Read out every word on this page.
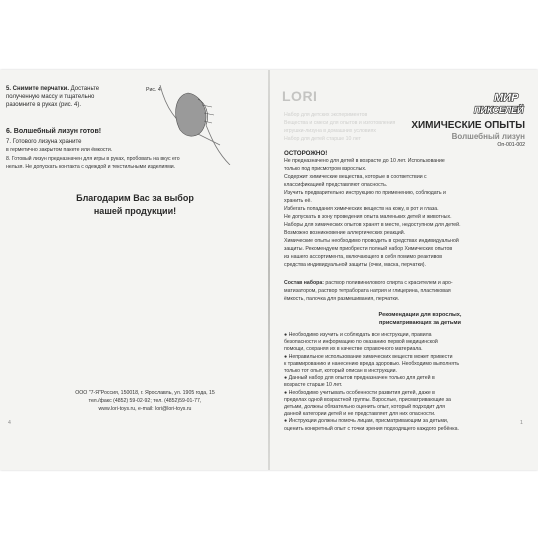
5. Снимите перчатки. Достаньте
полученную массу и тщательно
разомните в руках (рис. 4).
Рис. 4
6. Волшебный лизун готов!
7. Готового лизуна храните
в герметично закрытом пакете или ёмкости.
8. Готовый лизун предназначен для игры в руках, пробовать на вкус его
нельзя. Не допускать контакта с одеждой и текстильными изделиями.
Благодарим Вас за выбор
нашей продукции!
ООО "7-Я"Россия, 150018, г. Ярославль, ул. 1905 года, 15
тел./факс (4852) 59-02-92; тел. (4852)59-01-77,
www.lori-toys.ru, e-mail: lori@lori-toys.ru
4
LORI	МИР
ПИКСЕЛЕЙ
Набор для детских экспериментов
Вещества и смеси для опытов и изготовления
игрушки-лизуна в домашних условиях
Набор для детей старше 10 лет
ХИМИЧЕСКИЕ ОПЫТЫ
Волшебный лизун
Оп-001-002
ОСТОРОЖНО!
Не предназначено для детей в возрасте до 10 лет. Использование
только под присмотром взрослых.
Содержит химические вещества, которые в соответствии с
классификацией представляют опасность.
Изучить предварительно инструкцию по применению, соблюдать и
хранить её.
Избегать попадания химических веществ на кожу, в рот и глаза.
Не допускать в зону проведения опыта маленьких детей и животных.
Наборы для химических опытов хранят в месте, недоступном для детей.
Возможно возникновение аллергических реакций.
Химические опыты необходимо проводить в средствах индивидуальной
защиты. Рекомендуем приобрести полный набор Химических опытов
из нашего ассортимента, включающего в себя помимо реактивов
средства индивидуальной защиты (очки, маска, перчатки).
Состав набора: раствор поливинилового спирта с красителем и аро-
матизатором, раствор тетрабората натрия и глицерина, пластиковая
ёмкость, палочка для размешивания, перчатки.
Рекомендации для взрослых,
присматривающих за детьми
● Необходимо изучить и соблюдать все инструкции, правила
безопасности и информацию по оказанию первой медицинской
помощи, сохраняя их в качестве справочного материала.
● Неправильное использование химических веществ может привести
к травмированию и нанесению вреда здоровью. Необходимо выполнять
только тот опыт, который описан в инструкции.
● Данный набор для опытов предназначен только для детей в
возрасте старше 10 лет.
● Необходимо учитывать особенности развития детей, даже в
пределах одной возрастной группы. Взрослые, присматривающие за
детьми, должны обязательно оценить опыт, который подходит для
данной категории детей и не представляет для них опасности.
● Инструкции должны помочь лицам, присматривающим за детьми,
оценить конкретный опыт с точки зрения подходящего каждого ребёнка.
1
